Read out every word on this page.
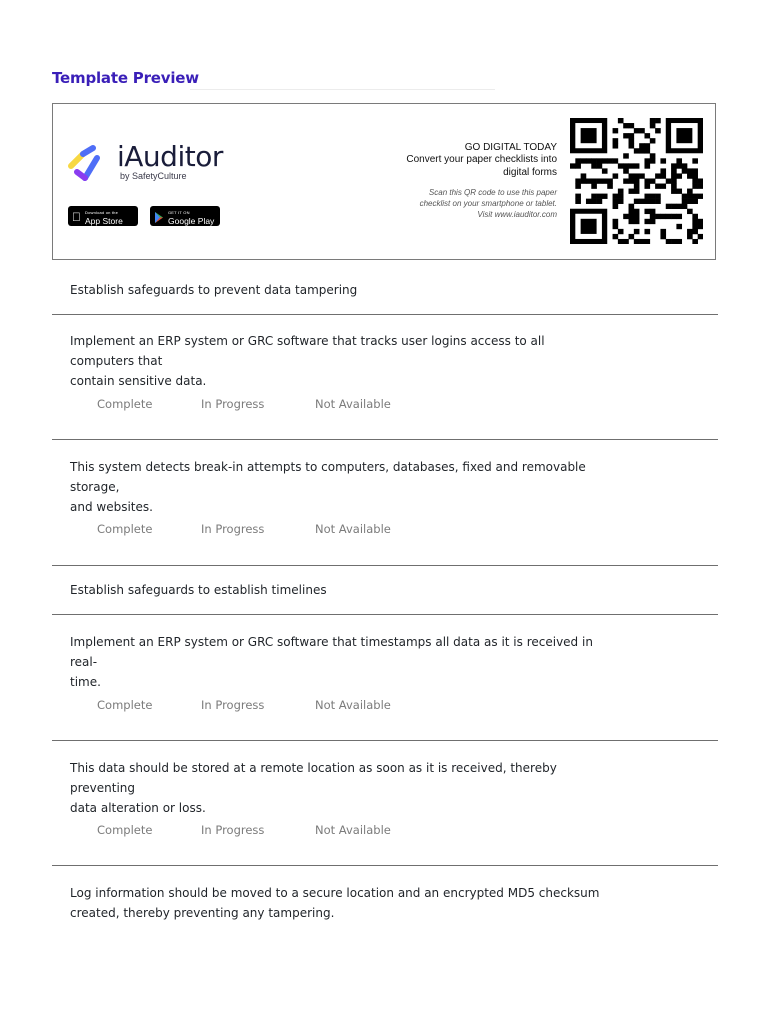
Template Preview
iAuditor
by SafetyCulture
Download on the
App Store
GET IT ON
Google Play
GO DIGITAL TODAY
Convert your paper checklists into
digital forms
Scan this QR code to use this paper
checklist on your smartphone or tablet.
Visit www.iauditor.com
Establish safeguards to prevent data tampering
Implement an ERP system or GRC software that tracks user logins access to all computers that
contain sensitive data.
Complete	In Progress	Not Available
This system detects break-in attempts to computers, databases, fixed and removable storage,
and websites.
Complete	In Progress	Not Available
Establish safeguards to establish timelines
Implement an ERP system or GRC software that timestamps all data as it is received in real-
time.
Complete	In Progress	Not Available
This data should be stored at a remote location as soon as it is received, thereby preventing
data alteration or loss.
Complete	In Progress	Not Available
Log information should be moved to a secure location and an encrypted MD5 checksum
created, thereby preventing any tampering.
